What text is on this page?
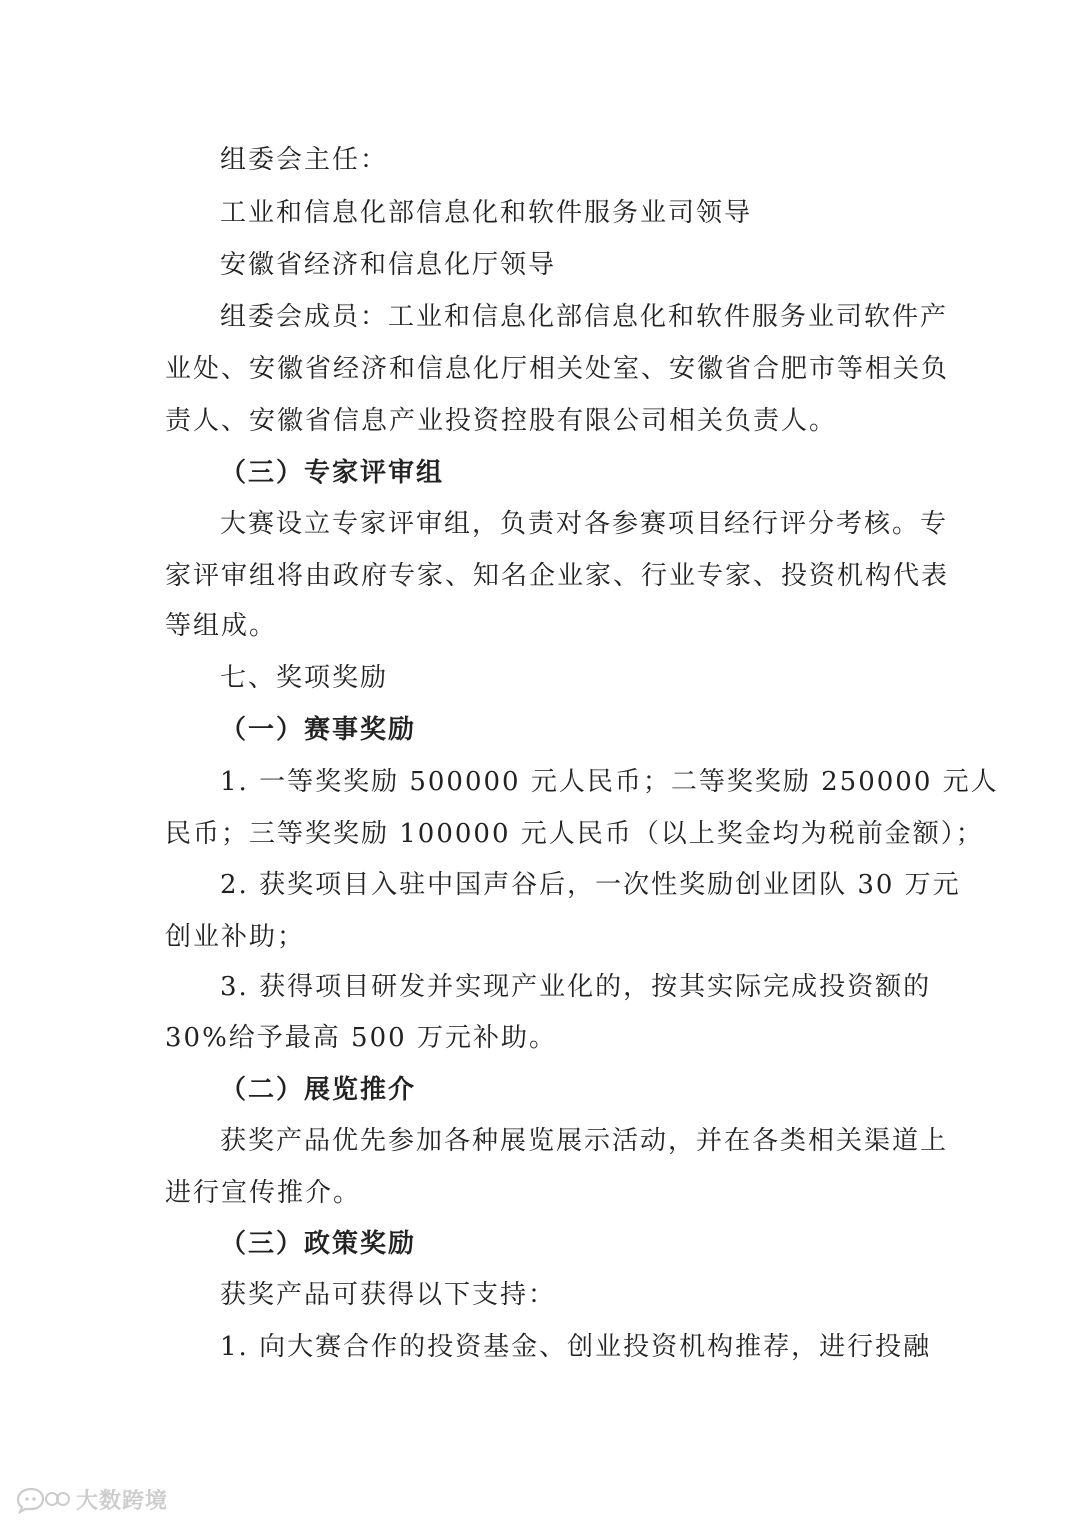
组委会主任：
工业和信息化部信息化和软件服务业司领导
安徽省经济和信息化厅领导
组委会成员：工业和信息化部信息化和软件服务业司软件产
业处、安徽省经济和信息化厅相关处室、安徽省合肥市等相关负
责人、安徽省信息产业投资控股有限公司相关负责人。
（三）专家评审组
大赛设立专家评审组，负责对各参赛项目经行评分考核。专
家评审组将由政府专家、知名企业家、行业专家、投资机构代表
等组成。
七、奖项奖励
（一）赛事奖励
1. 一等奖奖励 500000 元人民币；二等奖奖励 250000 元人
民币；三等奖奖励 100000 元人民币（以上奖金均为税前金额）；
2. 获奖项目入驻中国声谷后，一次性奖励创业团队 30 万元
创业补助；
3. 获得项目研发并实现产业化的，按其实际完成投资额的
30%给予最高 500 万元补助。
（二）展览推介
获奖产品优先参加各种展览展示活动，并在各类相关渠道上
进行宣传推介。
（三）政策奖励
获奖产品可获得以下支持：
1. 向大赛合作的投资基金、创业投资机构推荐，进行投融
大数跨境
